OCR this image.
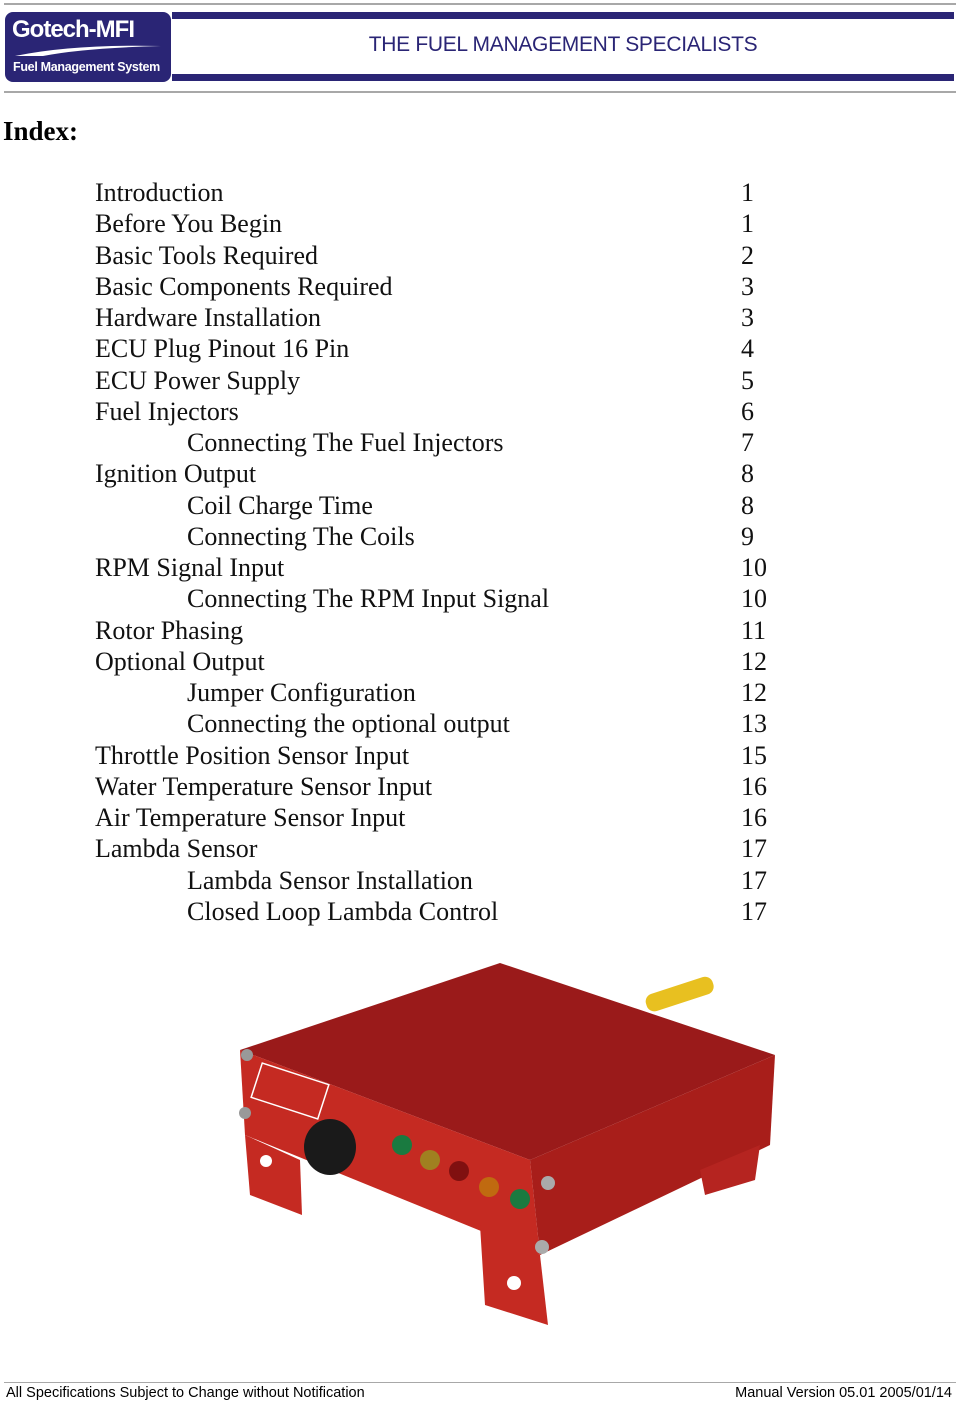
Gotech-MFI
Fuel Management System
THE FUEL MANAGEMENT SPECIALISTS
Index:
Introduction	1
Before You Begin	1
Basic Tools Required	2
Basic Components Required	3
Hardware Installation	3
ECU Plug Pinout 16 Pin	4
ECU Power Supply	5
Fuel Injectors	6
Connecting The Fuel Injectors	7
Ignition Output	8
Coil Charge Time	8
Connecting The Coils	9
RPM Signal Input	10
Connecting The RPM Input Signal	10
Rotor Phasing	11
Optional Output	12
Jumper Configuration	12
Connecting the optional output	13
Throttle Position Sensor Input	15
Water Temperature Sensor Input	16
Air Temperature Sensor Input	16
Lambda Sensor	17
Lambda Sensor Installation	17
Closed Loop Lambda Control	17
All Specifications Subject to Change without Notification	Manual Version 05.01 2005/01/14
